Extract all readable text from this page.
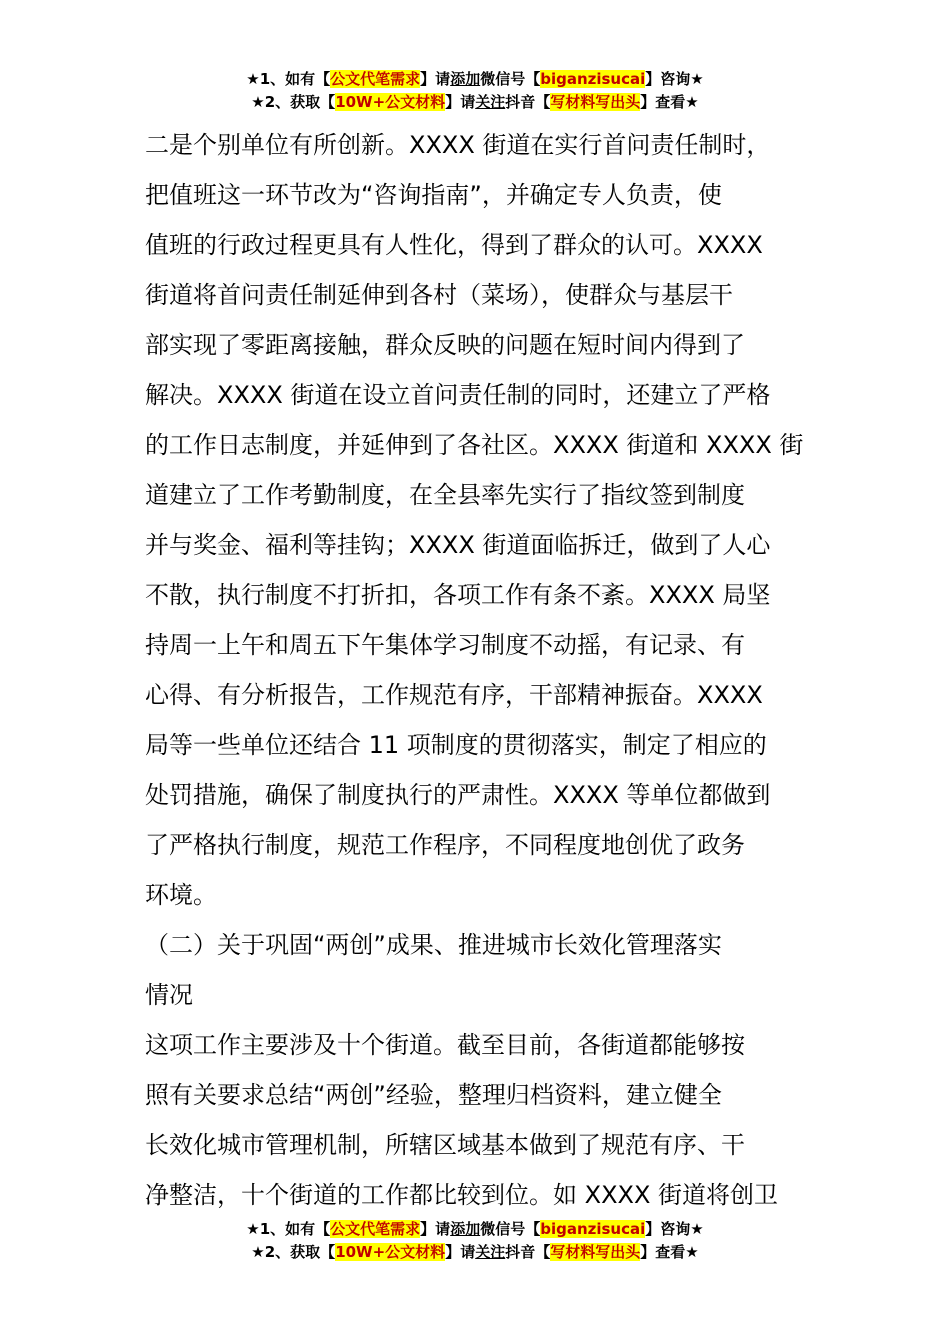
★1、如有【公文代笔需求】请添加微信号【biganzisucai】咨询★
★2、获取【10W+公文材料】请关注抖音【写材料写出头】查看★

二是个别单位有所创新。XXXX 街道在实行首问责任制时，

把值班这一环节改为“咨询指南”，并确定专人负责，使

值班的行政过程更具有人性化，得到了群众的认可。XXXX

街道将首问责任制延伸到各村（菜场），使群众与基层干

部实现了零距离接触，群众反映的问题在短时间内得到了

解决。XXXX 街道在设立首问责任制的同时，还建立了严格

的工作日志制度，并延伸到了各社区。XXXX 街道和 XXXX 街

道建立了工作考勤制度，在全县率先实行了指纹签到制度

并与奖金、福利等挂钩；XXXX 街道面临拆迁，做到了人心

不散，执行制度不打折扣，各项工作有条不紊。XXXX 局坚

持周一上午和周五下午集体学习制度不动摇，有记录、有

心得、有分析报告，工作规范有序，干部精神振奋。XXXX

局等一些单位还结合 11 项制度的贯彻落实，制定了相应的

处罚措施，确保了制度执行的严肃性。XXXX 等单位都做到

了严格执行制度，规范工作程序，不同程度地创优了政务

环境。

（二）关于巩固“两创”成果、推进城市长效化管理落实

情况

这项工作主要涉及十个街道。截至目前，各街道都能够按

照有关要求总结“两创”经验，整理归档资料，建立健全

长效化城市管理机制，所辖区域基本做到了规范有序、干

净整洁，十个街道的工作都比较到位。如 XXXX 街道将创卫

★1、如有【公文代笔需求】请添加微信号【biganzisucai】咨询★
★2、获取【10W+公文材料】请关注抖音【写材料写出头】查看★
